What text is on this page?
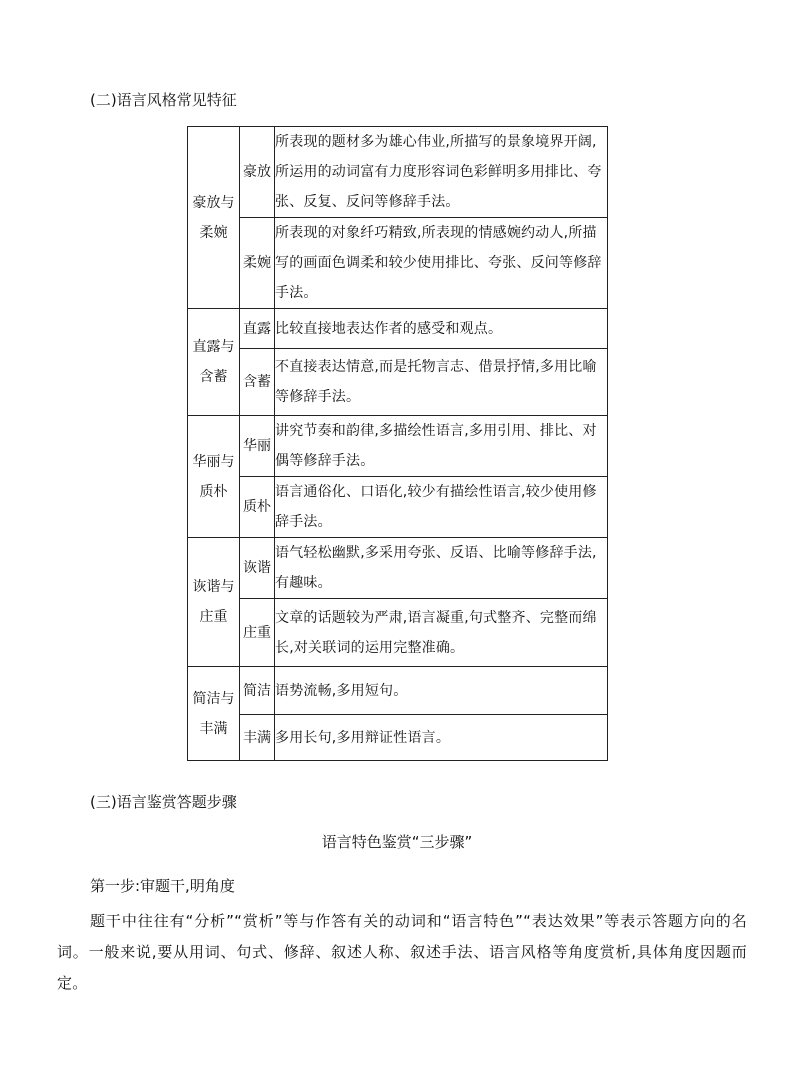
(二)语言风格常见特征
豪放与
柔婉	豪放	所表现的题材多为雄心伟业,所描写的景象境界开阔,所运用的动词富有力度形容词色彩鲜明多用排比、夸张、反复、反问等修辞手法。
	柔婉	所表现的对象纤巧精致,所表现的情感婉约动人,所描写的画面色调柔和较少使用排比、夸张、反问等修辞手法。

直露与
含蓄	直露	比较直接地表达作者的感受和观点。
	含蓄	不直接表达情意,而是托物言志、借景抒情,多用比喻等修辞手法。

华丽与
质朴	华丽	讲究节奏和韵律,多描绘性语言,多用引用、排比、对偶等修辞手法。
	质朴	语言通俗化、口语化,较少有描绘性语言,较少使用修辞手法。

诙谐与
庄重	诙谐	语气轻松幽默,多采用夸张、反语、比喻等修辞手法,有趣味。
	庄重	文章的话题较为严肃,语言凝重,句式整齐、完整而绵长,对关联词的运用完整准确。

简洁与
丰满	简洁	语势流畅,多用短句。
	丰满	多用长句,多用辩证性语言。
(三)语言鉴赏答题步骤
语言特色鉴赏“三步骤”
第一步:审题干,明角度
题干中往往有“分析”“赏析”等与作答有关的动词和“语言特色”“表达效果”等表示答题方向的名词。一般来说,要从用词、句式、修辞、叙述人称、叙述手法、语言风格等角度赏析,具体角度因题而定。
